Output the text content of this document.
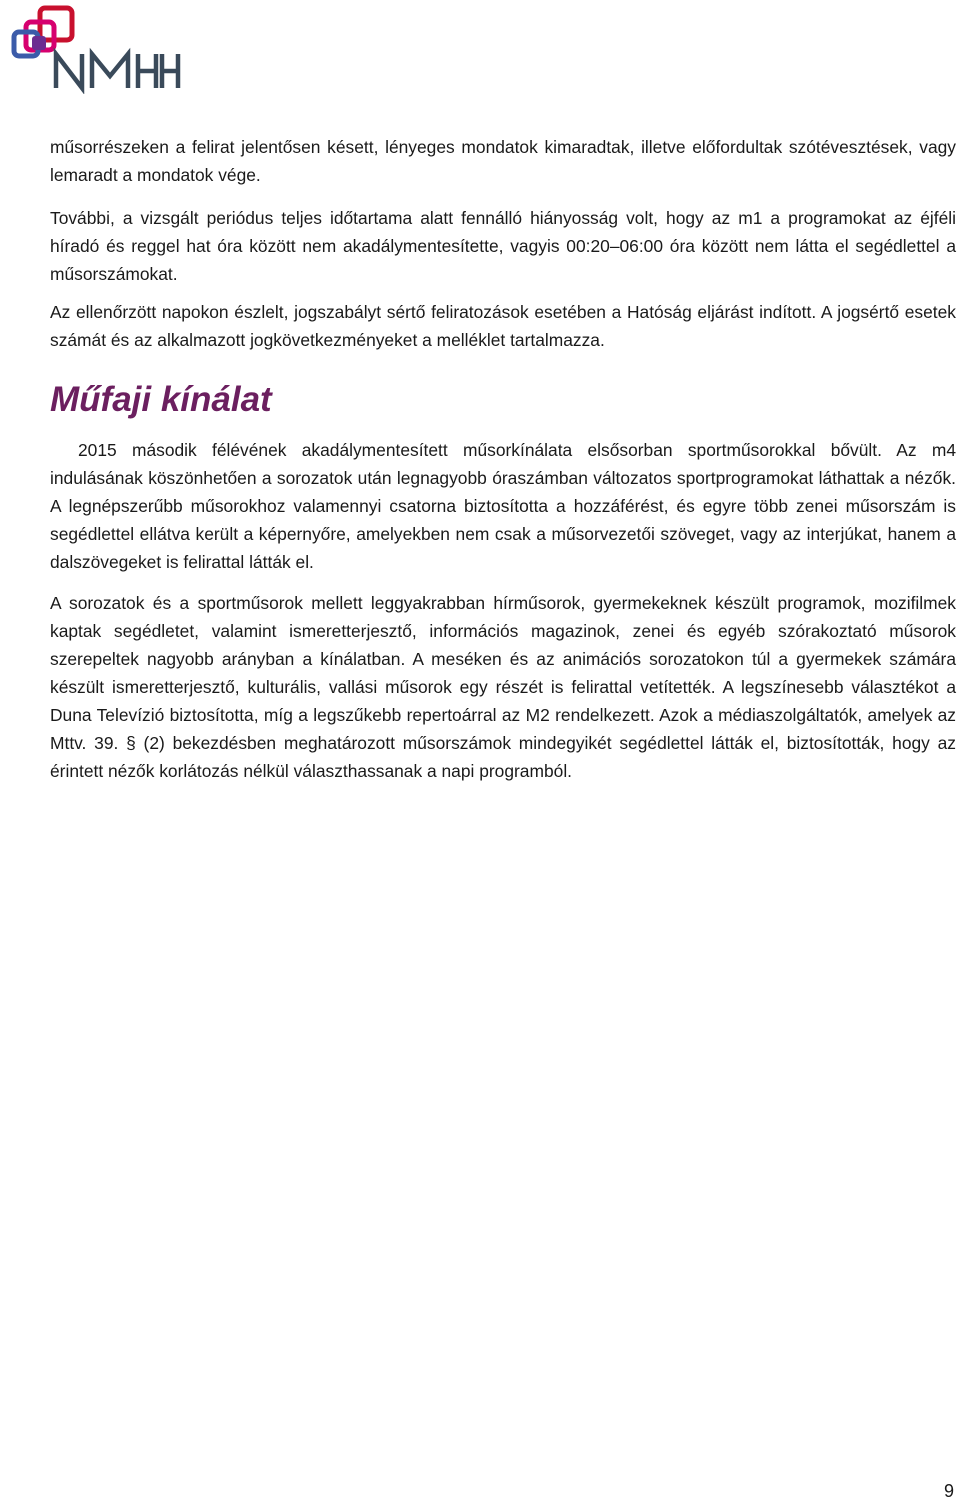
műsorrészeken a felirat jelentősen késett, lényeges mondatok kimaradtak, illetve előfordultak szótévesztések, vagy lemaradt a mondatok vége.

További, a vizsgált periódus teljes időtartama alatt fennálló hiányosság volt, hogy az m1 a programokat az éjféli híradó és reggel hat óra között nem akadálymentesítette, vagyis 00:20–06:00 óra között nem látta el segédlettel a műsorszámokat.

Az ellenőrzött napokon észlelt, jogszabályt sértő feliratozások esetében a Hatóság eljárást indított. A jogsértő esetek számát és az alkalmazott jogkövetkezményeket a melléklet tartalmazza.

Műfaji kínálat

2015 második félévének akadálymentesített műsorkínálata elsősorban sportműsorokkal bővült. Az m4 indulásának köszönhetően a sorozatok után legnagyobb óraszámban változatos sportprogramokat láthattak a nézők. A legnépszerűbb műsorokhoz valamennyi csatorna biztosította a hozzáférést, és egyre több zenei műsorszám is segédlettel ellátva került a képernyőre, amelyekben nem csak a műsorvezetői szöveget, vagy az interjúkat, hanem a dalszövegeket is felirattal látták el.

A sorozatok és a sportműsorok mellett leggyakrabban hírműsorok, gyermekeknek készült programok, mozifilmek kaptak segédletet, valamint ismeretterjesztő, információs magazinok, zenei és egyéb szórakoztató műsorok szerepeltek nagyobb arányban a kínálatban. A meséken és az animációs sorozatokon túl a gyermekek számára készült ismeretterjesztő, kulturális, vallási műsorok egy részét is felirattal vetítették. A legszínesebb választékot a Duna Televízió biztosította, míg a legszűkebb repertoárral az M2 rendelkezett. Azok a médiaszolgáltatók, amelyek az Mttv. 39. § (2) bekezdésben meghatározott műsorszámok mindegyikét segédlettel látták el, biztosították, hogy az érintett nézők korlátozás nélkül választhassanak a napi programból.

9
